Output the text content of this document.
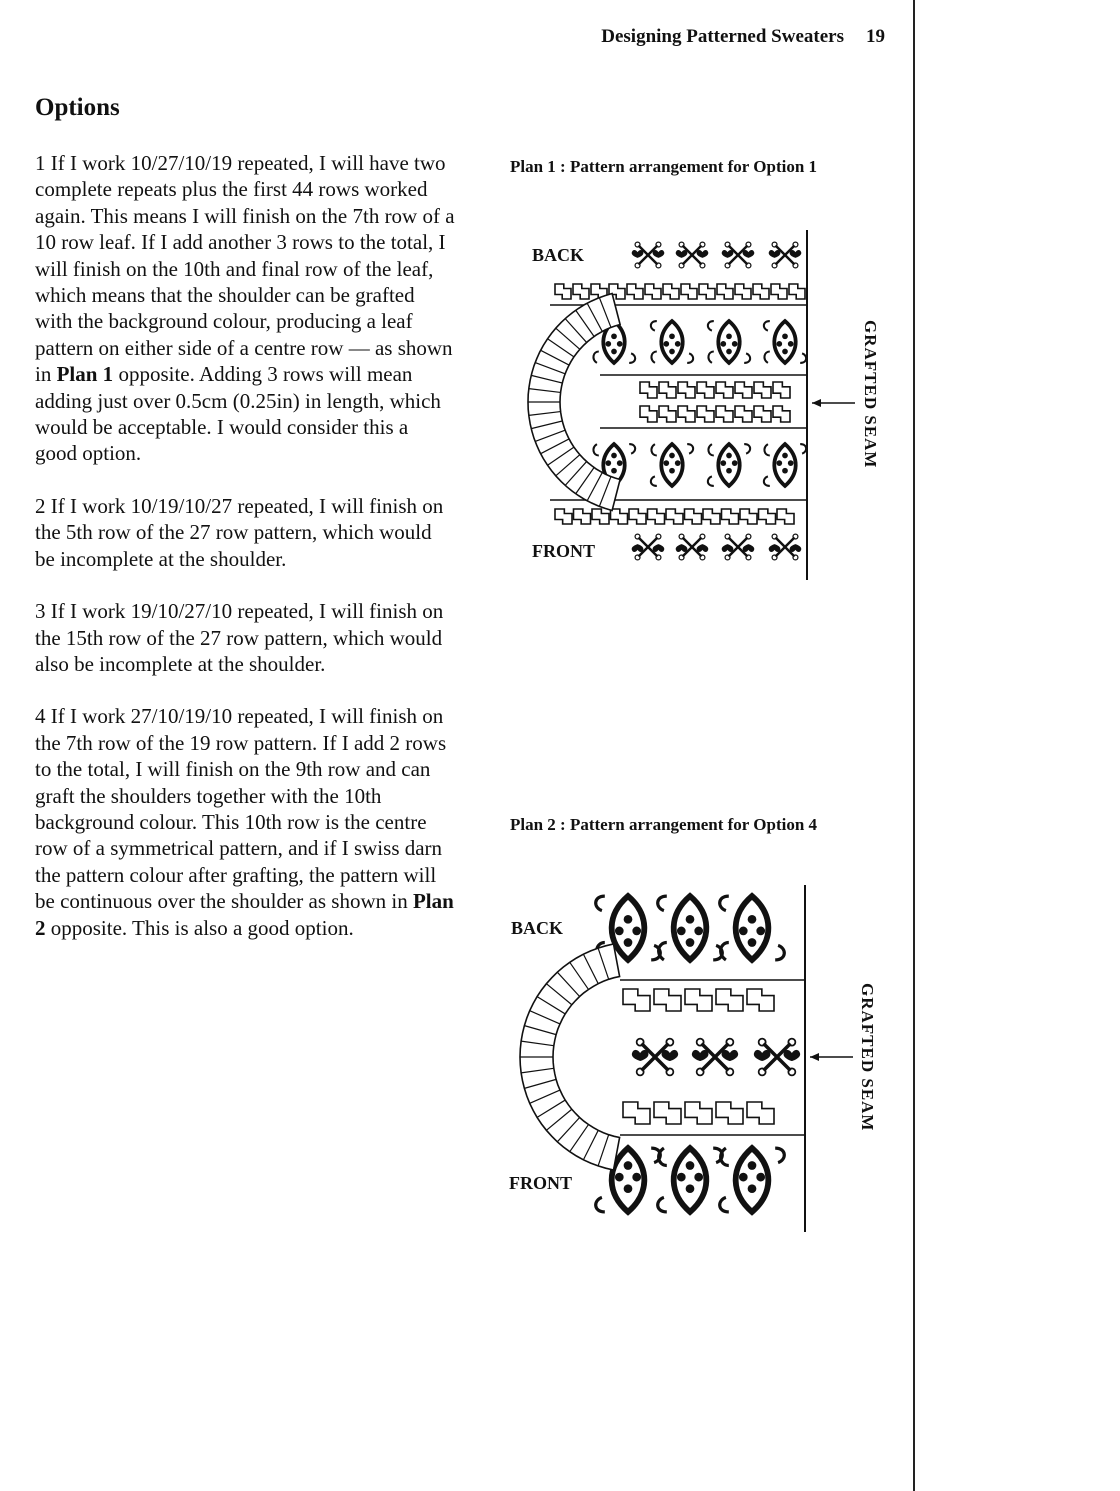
Designing Patterned Sweaters 19
Options

1 If I work 10/27/10/19 repeated, I will have two complete repeats plus the first 44 rows worked again. This means I will finish on the 7th row of a 10 row leaf. If I add another 3 rows to the total, I will finish on the 10th and final row of the leaf, which means that the shoulder can be grafted with the background colour, producing a leaf pattern on either side of a centre row — as shown in Plan 1 opposite. Adding 3 rows will mean adding just over 0.5cm (0.25in) in length, which would be acceptable. I would consider this a good option.

2 If I work 10/19/10/27 repeated, I will finish on the 5th row of the 27 row pattern, which would be incomplete at the shoulder.

3 If I work 19/10/27/10 repeated, I will finish on the 15th row of the 27 row pattern, which would also be incomplete at the shoulder.

4 If I work 27/10/19/10 repeated, I will finish on the 7th row of the 19 row pattern. If I add 2 rows to the total, I will finish on the 9th row and can graft the shoulders together with the 10th background colour. This 10th row is the centre row of a symmetrical pattern, and if I swiss darn the pattern colour after grafting, the pattern will be continuous over the shoulder as shown in Plan 2 opposite. This is also a good option.

Plan 1 : Pattern arrangement for Option 1
Plan 2 : Pattern arrangement for Option 4
BACK
FRONT
GRAFTED SEAM
BACK
FRONT
GRAFTED SEAM
